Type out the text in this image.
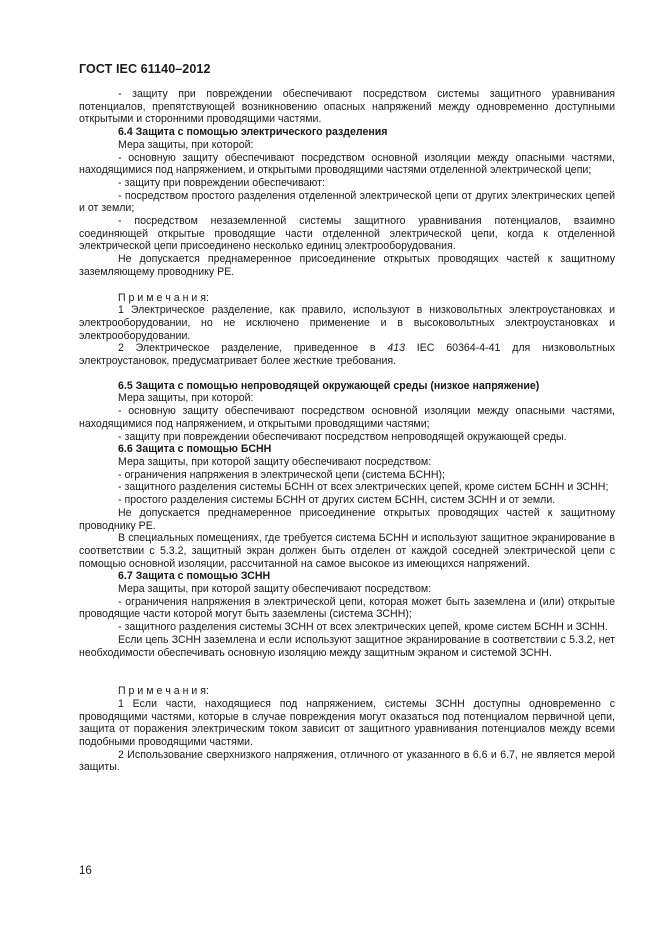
ГОСТ IEC 61140–2012

- защиту при повреждении обеспечивают посредством системы защитного уравнивания потенциалов, препятствующей возникновению опасных напряжений между одновременно доступными открытыми и сторонними проводящими частями.

6.4 Защита с помощью электрического разделения

Мера защиты, при которой:

- основную защиту обеспечивают посредством основной изоляции между опасными частями, находящимися под напряжением, и открытыми проводящими частями отделенной электрической цепи;

- защиту при повреждении обеспечивают:

- посредством простого разделения отделенной электрической цепи от других электрических цепей и от земли;

- посредством незаземленной системы защитного уравнивания потенциалов, взаимно соединяющей открытые проводящие части отделенной электрической цепи, когда к отделенной электрической цепи присоединено несколько единиц электрооборудования.

Не допускается преднамеренное присоединение открытых проводящих частей к защитному заземляющему проводнику PE.

П р и м е ч а н и я:

1 Электрическое разделение, как правило, используют в низковольтных электроустановках и электрооборудовании, но не исключено применение и в высоковольтных электроустановках и электрооборудовании.

2 Электрическое разделение, приведенное в 413 IEC 60364-4-41 для низковольтных электроустановок, предусматривает более жесткие требования.

6.5 Защита с помощью непроводящей окружающей среды (низкое напряжение)

Мера защиты, при которой:

- основную защиту обеспечивают посредством основной изоляции между опасными частями, находящимися под напряжением, и открытыми проводящими частями;

- защиту при повреждении обеспечивают посредством непроводящей окружающей среды.

6.6 Защита с помощью БСНН

Мера защиты, при которой защиту обеспечивают посредством:

- ограничения напряжения в электрической цепи (система БСНН);

- защитного разделения системы БСНН от всех электрических цепей, кроме систем БСНН и ЗСНН;

- простого разделения системы БСНН от других систем БСНН, систем ЗСНН и от земли.

Не допускается преднамеренное присоединение открытых проводящих частей к защитному проводнику PE.

В специальных помещениях, где требуется система БСНН и используют защитное экранирование в соответствии с 5.3.2, защитный экран должен быть отделен от каждой соседней электрической цепи с помощью основной изоляции, рассчитанной на самое высокое из имеющихся напряжений.

6.7 Защита с помощью ЗСНН

Мера защиты, при которой защиту обеспечивают посредством:

- ограничения напряжения в электрической цепи, которая может быть заземлена и (или) открытые проводящие части которой могут быть заземлены (система ЗСНН);

- защитного разделения системы ЗСНН от всех электрических цепей, кроме систем БСНН и ЗСНН.

Если цепь ЗСНН заземлена и если используют защитное экранирование в соответствии с 5.3.2, нет необходимости обеспечивать основную изоляцию между защитным экраном и системой ЗСНН.

П р и м е ч а н и я:

1 Если части, находящиеся под напряжением, системы ЗСНН доступны одновременно с проводящими частями, которые в случае повреждения могут оказаться под потенциалом первичной цепи, защита от поражения электрическим током зависит от защитного уравнивания потенциалов между всеми подобными проводящими частями.

2 Использование сверхнизкого напряжения, отличного от указанного в 6.6 и 6.7, не является мерой защиты.

16
